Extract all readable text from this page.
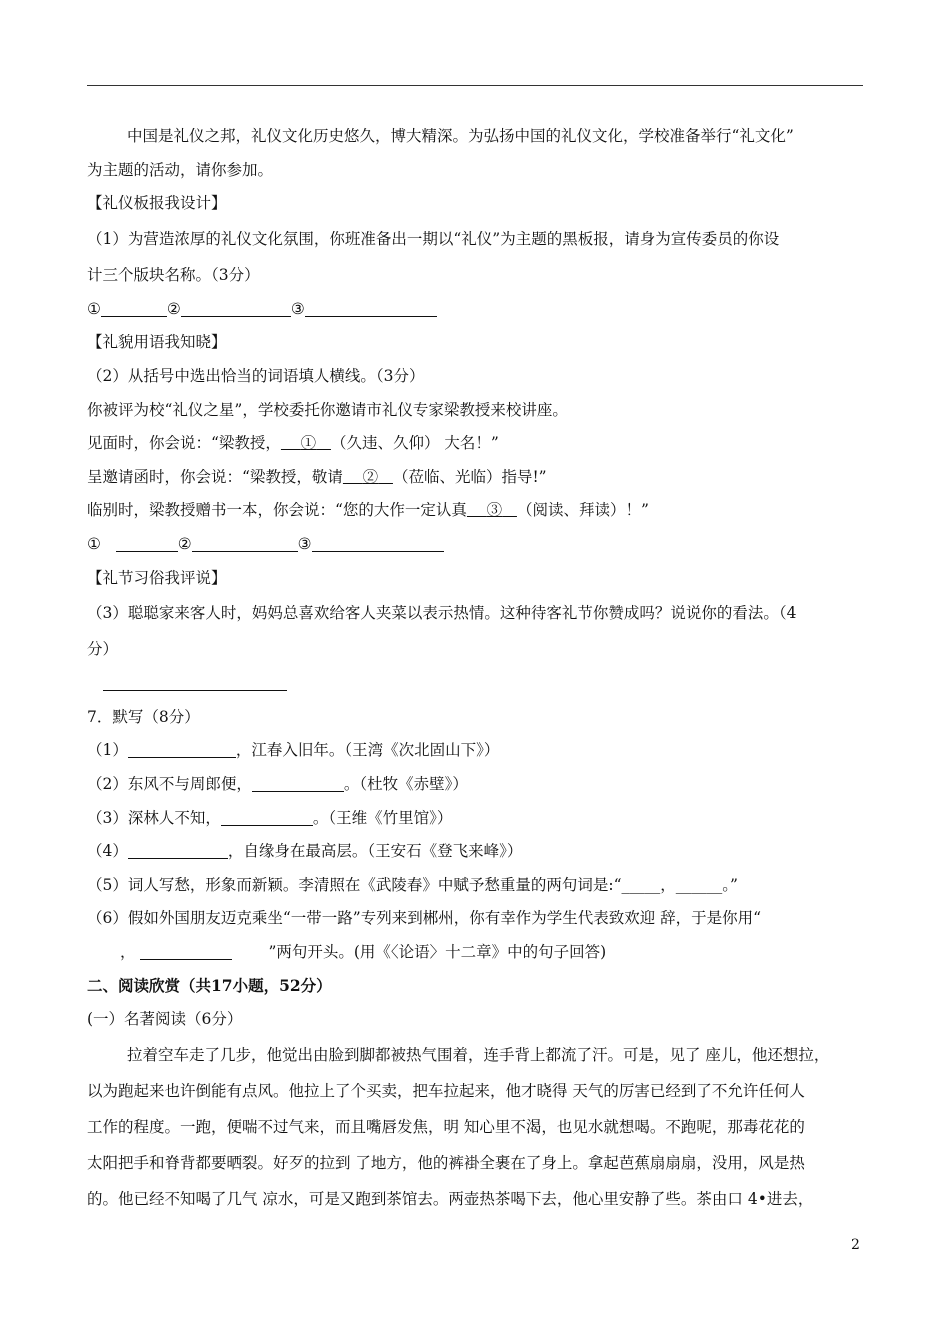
中国是礼仪之邦，礼仪文化历史悠久，博大精深。为弘扬中国的礼仪文化，学校准备举行“礼文化”
为主题的活动，请你参加。
【礼仪板报我设计】
（1）为营造浓厚的礼仪文化氛围，你班准备出一期以“礼仪”为主题的黑板报，请身为宣传委员的你设
计三个版块名称。（3分）
①	②	③
【礼貌用语我知晓】
（2）从括号中选出恰当的词语填人横线。（3分）
你被评为校“礼仪之星”，学校委托你邀请市礼仪专家梁教授来校讲座。
见面时，你会说：“梁教授， ① （久违、久仰） 大名！”
呈邀请函时，你会说：“梁教授，敬请 ② （莅临、光临）指导!”
临别时，梁教授赠书一本，你会说：“您的大作一定认真 ③ （阅读、拜读）！”
①	②	③
【礼节习俗我评说】
（3）聪聪家来客人时，妈妈总喜欢给客人夹菜以表示热情。这种待客礼节你赞成吗？说说你的看法。（4
分）
7．默写（8分）
（1）	，江春入旧年。（王湾《次北固山下》）
（2）东风不与周郎便，	。（杜牧《赤壁》）
（3）深林人不知，	。（王维《竹里馆》）
（4）	，自缘身在最高层。（王安石《登飞来峰》）
（5）词人写愁，形象而新颖。李清照在《武陵春》中赋予愁重量的两句词是:“_____，______。”
（6）假如外国朋友迈克乘坐“一带一路”专列来到郴州，你有幸作为学生代表致欢迎 辞，于是你用“
，	”两句开头。(用《〈论语〉十二章》中的句子回答)
二、阅读欣赏（共17小题，52分）
(一）名著阅读（6分）
拉着空车走了几步，他觉出由脸到脚都被热气围着，连手背上都流了汗。可是，见了 座儿，他还想拉，
以为跑起来也许倒能有点风。他拉上了个买卖，把车拉起来，他才晓得 天气的厉害已经到了不允许任何人
工作的程度。一跑，便喘不过气来，而且嘴唇发焦，明 知心里不渴，也见水就想喝。不跑呢，那毒花花的
太阳把手和脊背都要晒裂。好歹的拉到 了地方，他的裤褂全裹在了身上。拿起芭蕉扇扇扇，没用，风是热
的。他已经不知喝了几气 凉水，可是又跑到茶馆去。两壶热茶喝下去，他心里安静了些。茶由口 4•进去，
2
